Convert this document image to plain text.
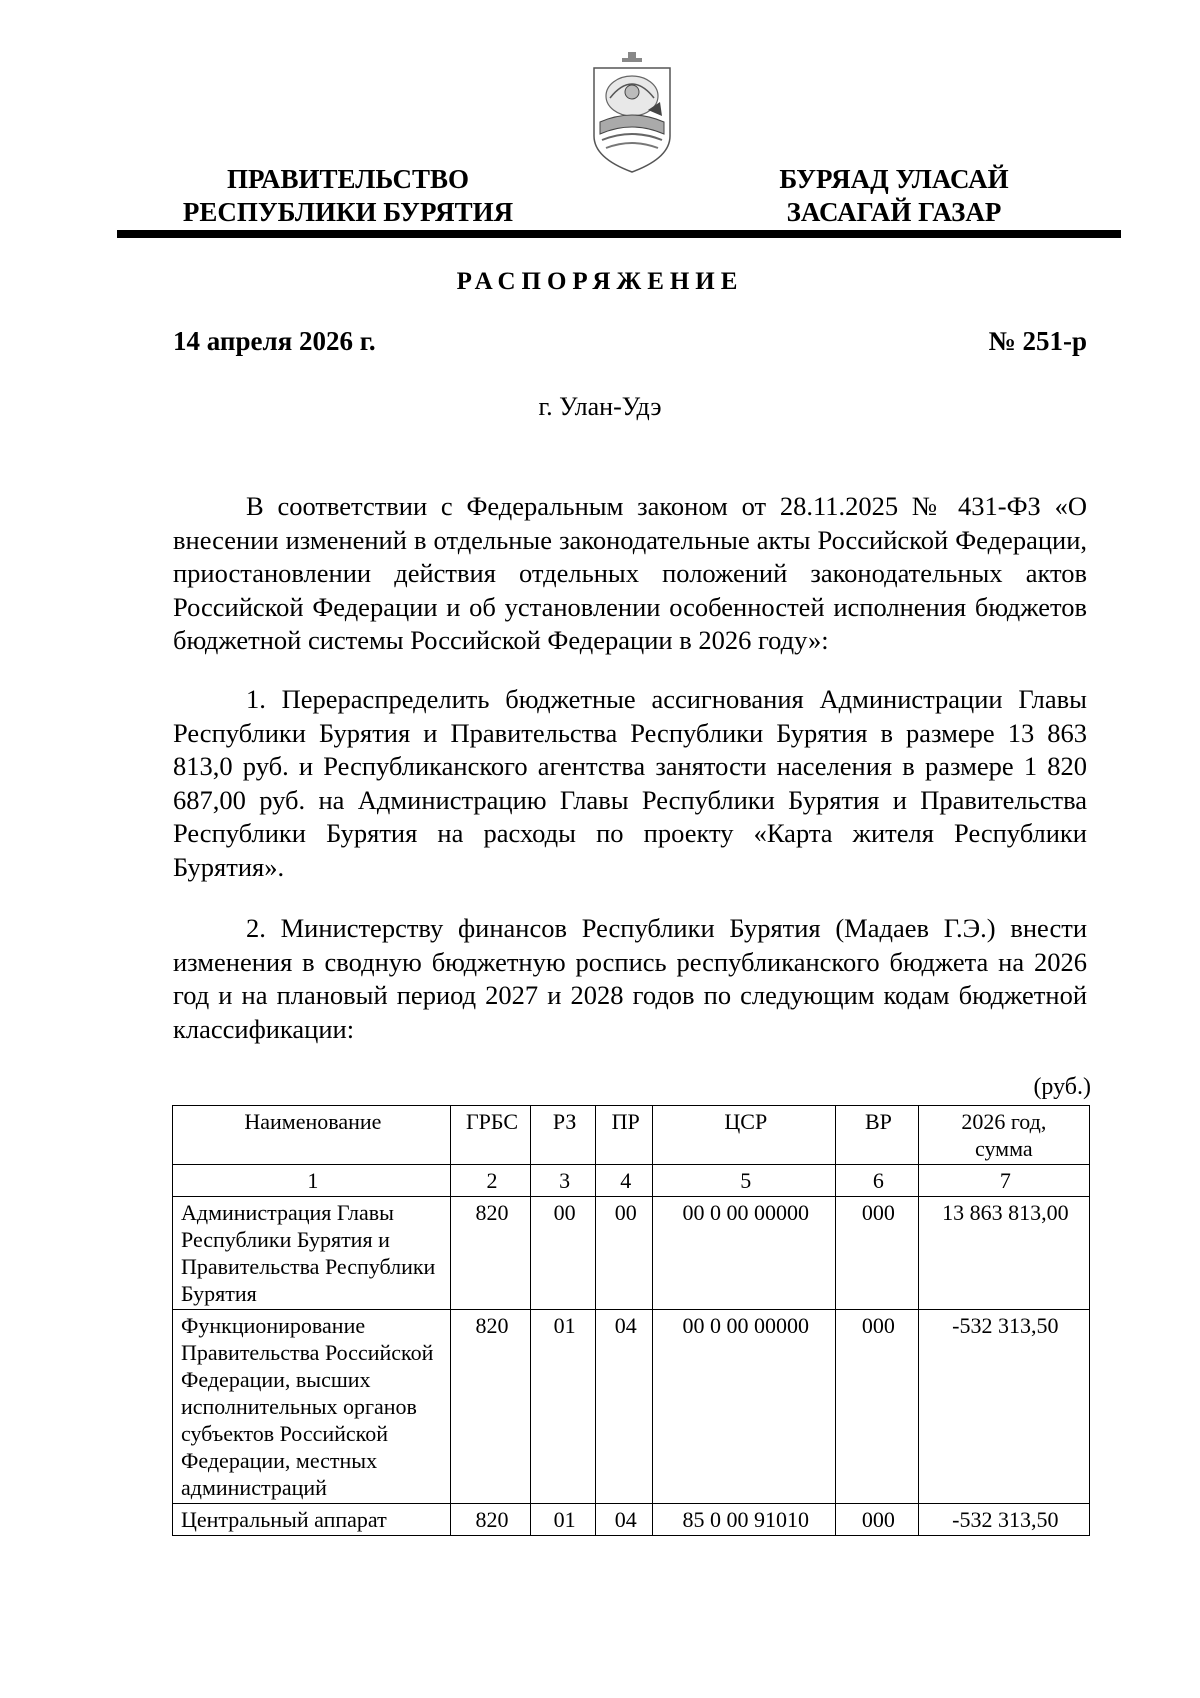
ПРАВИТЕЛЬСТВО
РЕСПУБЛИКИ БУРЯТИЯ
БУРЯАД УЛАСАЙ
ЗАСАГАЙ ГАЗАР
РАСПОРЯЖЕНИЕ
14 апреля 2026 г.	№ 251-р
г. Улан-Удэ

В соответствии с Федеральным законом от 28.11.2025 № 431-ФЗ «О внесении изменений в отдельные законодательные акты Российской Федерации, приостановлении действия отдельных положений законодательных актов Российской Федерации и об установлении особенностей исполнения бюджетов бюджетной системы Российской Федерации в 2026 году»:

1. Перераспределить бюджетные ассигнования Администрации Главы Республики Бурятия и Правительства Республики Бурятия в размере 13 863 813,0 руб. и Республиканского агентства занятости населения в размере 1 820 687,00 руб. на Администрацию Главы Республики Бурятия и Правительства Республики Бурятия на расходы по проекту «Карта жителя Республики Бурятия».

2. Министерству финансов Республики Бурятия (Мадаев Г.Э.) внести изменения в сводную бюджетную роспись республиканского бюджета на 2026 год и на плановый период 2027 и 2028 годов по следующим кодам бюджетной классификации:

(руб.)
Наименование	ГРБС	РЗ	ПР	ЦСР	ВР	2026 год, сумма
1	2	3	4	5	6	7
Администрация Главы Республики Бурятия и Правительства Республики Бурятия	820	00	00	00 0 00 00000	000	13 863 813,00
Функционирование Правительства Российской Федерации, высших исполнительных органов субъектов Российской Федерации, местных администраций	820	01	04	00 0 00 00000	000	-532 313,50
Центральный аппарат	820	01	04	85 0 00 91010	000	-532 313,50
